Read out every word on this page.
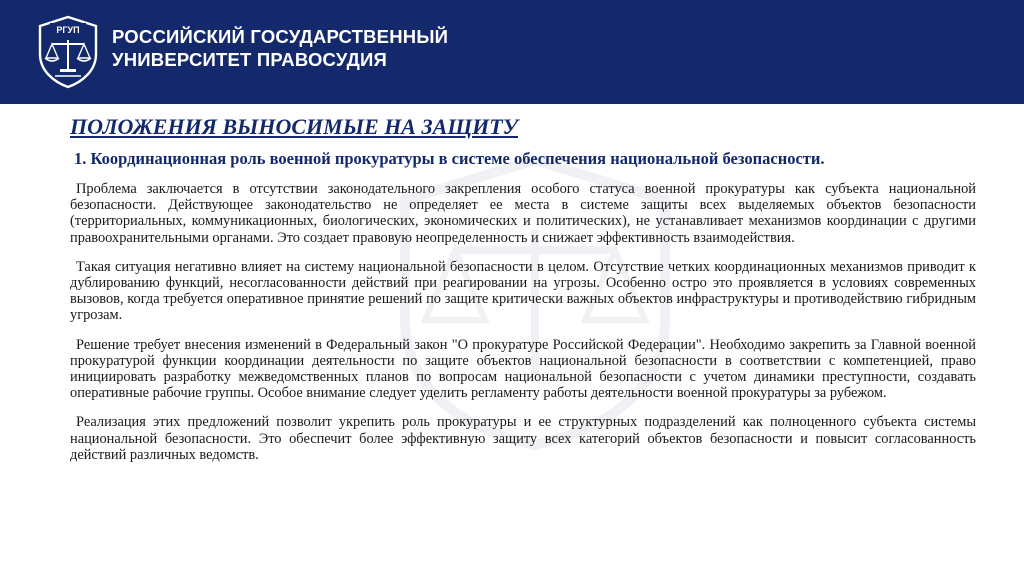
РГУП РОССИЙСКИЙ ГОСУДАРСТВЕННЫЙ
УНИВЕРСИТЕТ ПРАВОСУДИЯ
ПОЛОЖЕНИЯ ВЫНОСИМЫЕ НА ЗАЩИТУ
1. Координационная роль военной прокуратуры в системе обеспечения национальной безопасности.

Проблема заключается в отсутствии законодательного закрепления особого статуса военной прокуратуры как субъекта национальной безопасности. Действующее законодательство не определяет ее места в системе защиты всех выделяемых объектов безопасности (территориальных, коммуникационных, биологических, экономических и политических), не устанавливает механизмов координации с другими правоохранительными органами. Это создает правовую неопределенность и снижает эффективность взаимодействия.

Такая ситуация негативно влияет на систему национальной безопасности в целом. Отсутствие четких координационных механизмов приводит к дублированию функций, несогласованности действий при реагировании на угрозы. Особенно остро это проявляется в условиях современных вызовов, когда требуется оперативное принятие решений по защите критически важных объектов инфраструктуры и противодействию гибридным угрозам.

Решение требует внесения изменений в Федеральный закон "О прокуратуре Российской Федерации". Необходимо закрепить за Главной военной прокуратурой функции координации деятельности по защите объектов национальной безопасности в соответствии с компетенцией, право инициировать разработку межведомственных планов по вопросам национальной безопасности с учетом динамики преступности, создавать оперативные рабочие группы. Особое внимание следует уделить регламенту работы деятельности военной прокуратуры за рубежом.

Реализация этих предложений позволит укрепить роль прокуратуры и ее структурных подразделений как полноценного субъекта системы национальной безопасности. Это обеспечит более эффективную защиту всех категорий объектов безопасности и повысит согласованность действий различных ведомств.
